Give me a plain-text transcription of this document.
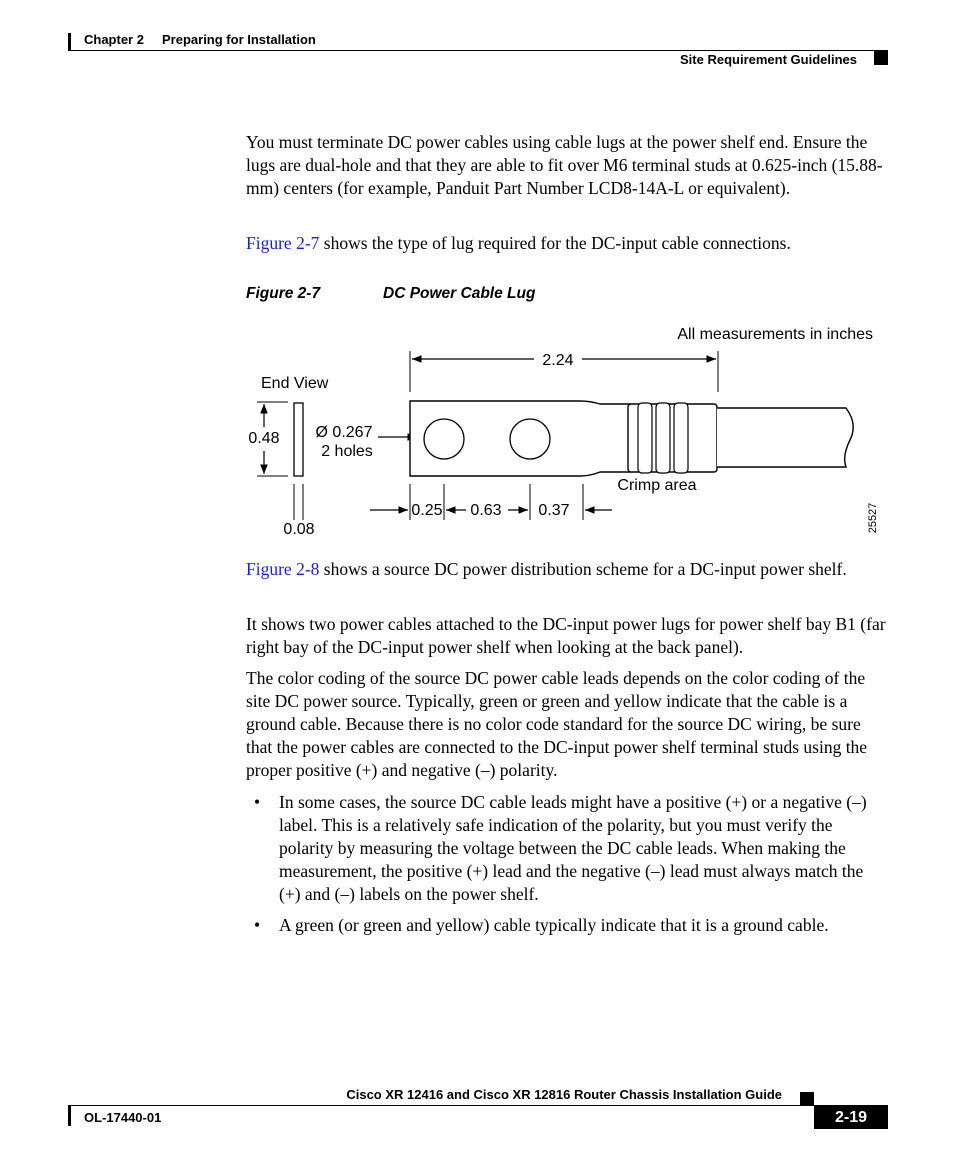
Chapter 2 Preparing for Installation
Site Requirement Guidelines

You must terminate DC power cables using cable lugs at the power shelf end. Ensure the lugs are dual-hole and that they are able to fit over M6 terminal studs at 0.625-inch (15.88-mm) centers (for example, Panduit Part Number LCD8-14A-L or equivalent).

Figure 2-7 shows the type of lug required for the DC-input cable connections.

Figure 2-7	DC Power Cable Lug
All measurements in inches
End View
0.48
0.08
Ø 0.267
2 holes
2.24
Crimp area
0.25 0.63 0.37	25527

Figure 2-8 shows a source DC power distribution scheme for a DC-input power shelf.

It shows two power cables attached to the DC-input power lugs for power shelf bay B1 (far right bay of the DC-input power shelf when looking at the back panel).

The color coding of the source DC power cable leads depends on the color coding of the site DC power source. Typically, green or green and yellow indicate that the cable is a ground cable. Because there is no color code standard for the source DC wiring, be sure that the power cables are connected to the DC-input power shelf terminal studs using the proper positive (+) and negative (–) polarity.

• In some cases, the source DC cable leads might have a positive (+) or a negative (–) label. This is a relatively safe indication of the polarity, but you must verify the polarity by measuring the voltage between the DC cable leads. When making the measurement, the positive (+) lead and the negative (–) lead must always match the (+) and (–) labels on the power shelf.
• A green (or green and yellow) cable typically indicate that it is a ground cable.
Cisco XR 12416 and Cisco XR 12816 Router Chassis Installation Guide
OL-17440-01	2-19
